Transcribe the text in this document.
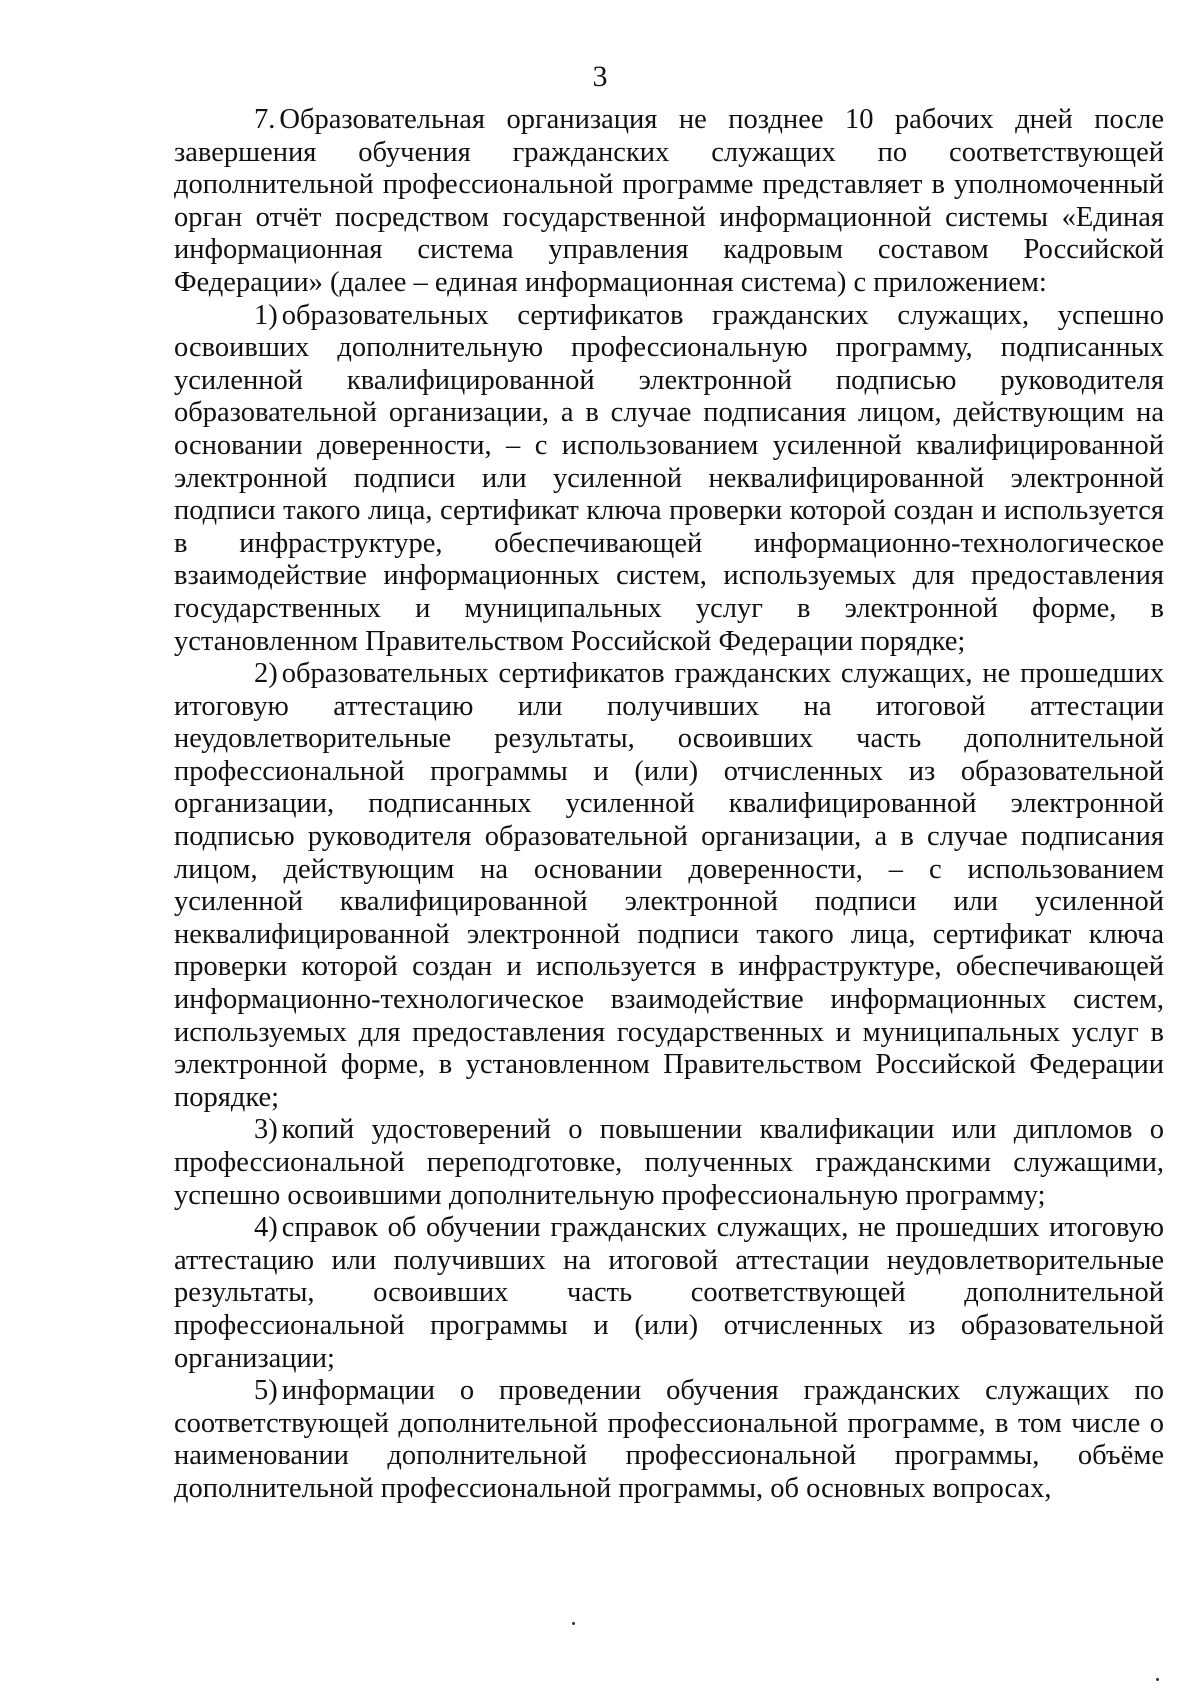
3

7. Образовательная организация не позднее 10 рабочих дней после завершения обучения гражданских служащих по соответствующей дополнительной профессиональной программе представляет в уполномоченный орган отчёт посредством государственной информационной системы «Единая информационная система управления кадровым составом Российской Федерации» (далее – единая информационная система) с приложением:

1) образовательных сертификатов гражданских служащих, успешно освоивших дополнительную профессиональную программу, подписанных усиленной квалифицированной электронной подписью руководителя образовательной организации, а в случае подписания лицом, действующим на основании доверенности, – с использованием усиленной квалифицированной электронной подписи или усиленной неквалифицированной электронной подписи такого лица, сертификат ключа проверки которой создан и используется в инфраструктуре, обеспечивающей информационно-технологическое взаимодействие информационных систем, используемых для предоставления государственных и муниципальных услуг в электронной форме, в установленном Правительством Российской Федерации порядке;

2) образовательных сертификатов гражданских служащих, не прошедших итоговую аттестацию или получивших на итоговой аттестации неудовлетворительные результаты, освоивших часть дополнительной профессиональной программы и (или) отчисленных из образовательной организации, подписанных усиленной квалифицированной электронной подписью руководителя образовательной организации, а в случае подписания лицом, действующим на основании доверенности, – с использованием усиленной квалифицированной электронной подписи или усиленной неквалифицированной электронной подписи такого лица, сертификат ключа проверки которой создан и используется в инфраструктуре, обеспечивающей информационно-технологическое взаимодействие информационных систем, используемых для предоставления государственных и муниципальных услуг в электронной форме, в установленном Правительством Российской Федерации порядке;

3) копий удостоверений о повышении квалификации или дипломов о профессиональной переподготовке, полученных гражданскими служащими, успешно освоившими дополнительную профессиональную программу;

4) справок об обучении гражданских служащих, не прошедших итоговую аттестацию или получивших на итоговой аттестации неудовлетворительные результаты, освоивших часть соответствующей дополнительной профессиональной программы и (или) отчисленных из образовательной организации;

5) информации о проведении обучения гражданских служащих по соответствующей дополнительной профессиональной программе, в том числе о наименовании дополнительной профессиональной программы, объёме дополнительной профессиональной программы, об основных вопросах,
